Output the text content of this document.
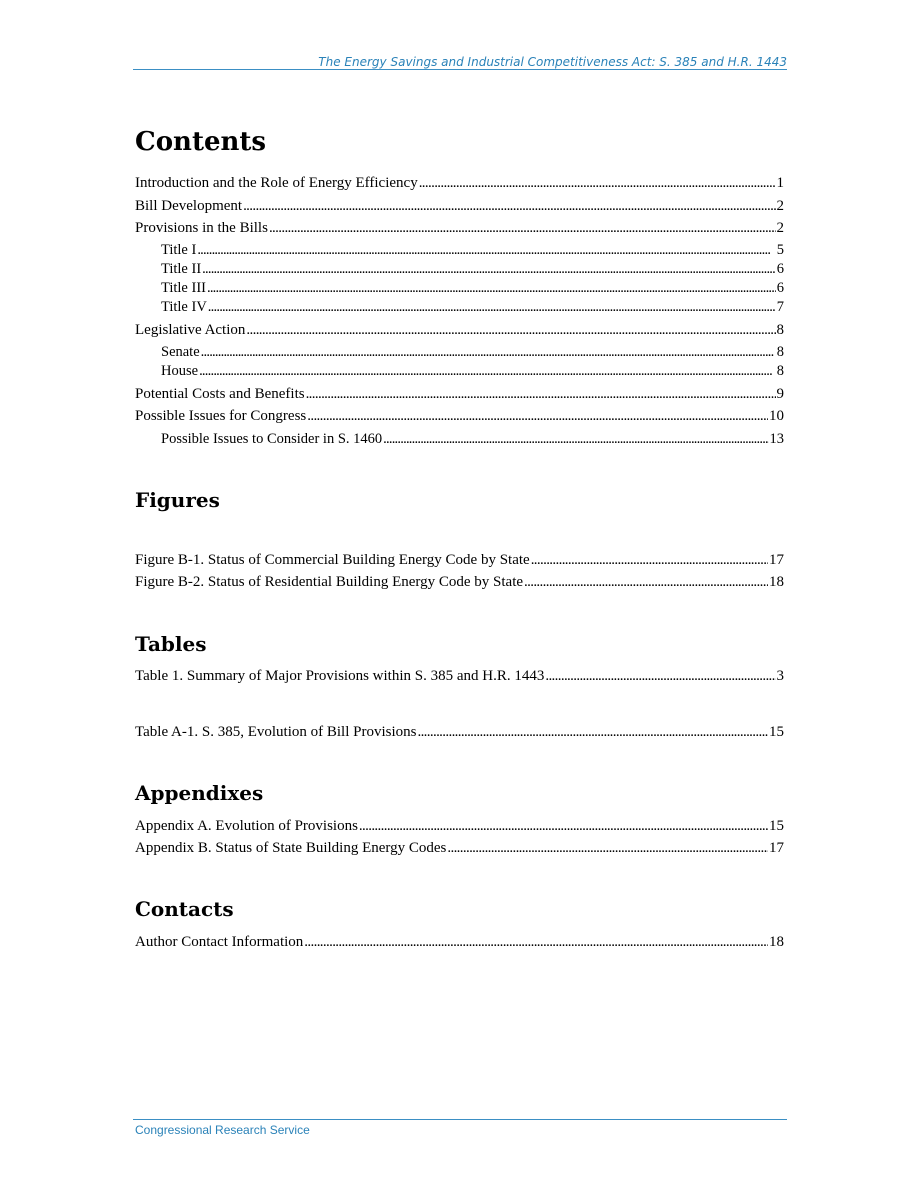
The Energy Savings and Industrial Competitiveness Act: S. 385 and H.R. 1443
Contents
Introduction and the Role of Energy Efficiency . . .	1
Bill Development . . .	2
Provisions in the Bills . . .	2
Title I . . .	5
Title II . . .	6
Title III . . .	6
Title IV . . .	7
Legislative Action . . .	8
Senate . . .	8
House . . .	8
Potential Costs and Benefits . . .	9
Possible Issues for Congress . . .	10
Possible Issues to Consider in S. 1460 . . .	13
Figures
Figure B-1. Status of Commercial Building Energy Code by State . . .	17
Figure B-2. Status of Residential Building Energy Code by State . . .	18
Tables
Table 1. Summary of Major Provisions within S. 385 and H.R. 1443 . . .	3
Table A-1. S. 385, Evolution of Bill Provisions . . .	15
Appendixes
Appendix A. Evolution of Provisions . . .	15
Appendix B. Status of State Building Energy Codes . . .	17
Contacts
Author Contact Information . . .	18
Congressional Research Service
